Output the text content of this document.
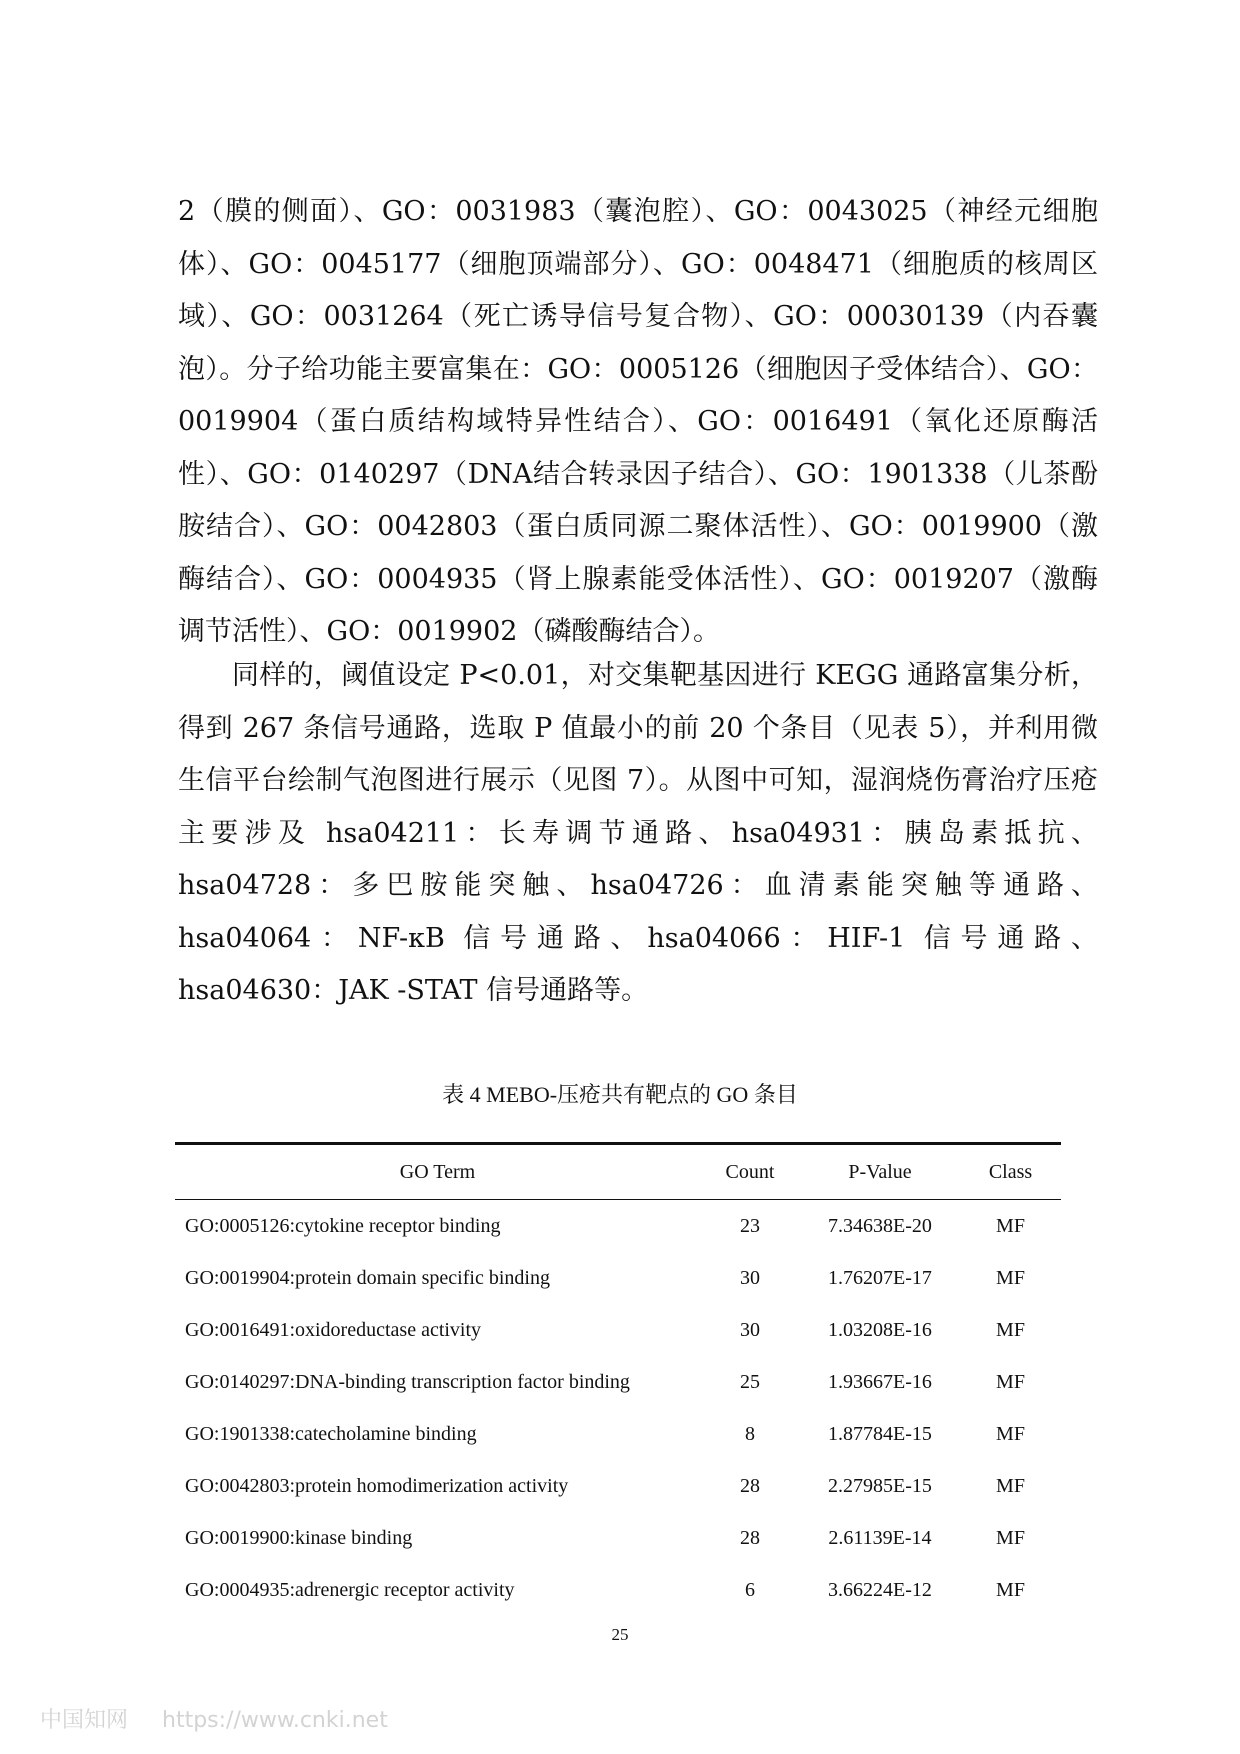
2（膜的侧面）、GO：0031983（囊泡腔）、GO：0043025（神经元细胞体）、GO：0045177（细胞顶端部分）、GO：0048471（细胞质的核周区域）、GO：0031264（死亡诱导信号复合物）、GO：00030139（内吞囊泡）。分子给功能主要富集在：GO：0005126（细胞因子受体结合）、GO：0019904（蛋白质结构域特异性结合）、GO：0016491（氧化还原酶活性）、GO：0140297（DNA结合转录因子结合）、GO：1901338（儿茶酚胺结合）、GO：0042803（蛋白质同源二聚体活性）、GO：0019900（激酶结合）、GO：0004935（肾上腺素能受体活性）、GO：0019207（激酶调节活性）、GO：0019902（磷酸酶结合）。

同样的，阈值设定 P<0.01，对交集靶基因进行 KEGG 通路富集分析，得到 267 条信号通路，选取 P 值最小的前 20 个条目（见表 5），并利用微生信平台绘制气泡图进行展示（见图 7）。从图中可知，湿润烧伤膏治疗压疮主要涉及 hsa04211：长寿调节通路、hsa04931：胰岛素抵抗、hsa04728：多巴胺能突触、hsa04726：血清素能突触等通路、hsa04064：NF-κB 信号通路、hsa04066：HIF-1 信号通路、hsa04630：JAK -STAT 信号通路等。

表 4 MEBO-压疮共有靶点的 GO 条目
GO Term	Count	P-Value	Class
GO:0005126:cytokine receptor binding	23	7.34638E-20	MF
GO:0019904:protein domain specific binding	30	1.76207E-17	MF
GO:0016491:oxidoreductase activity	30	1.03208E-16	MF
GO:0140297:DNA-binding transcription factor binding	25	1.93667E-16	MF
GO:1901338:catecholamine binding	8	1.87784E-15	MF
GO:0042803:protein homodimerization activity	28	2.27985E-15	MF
GO:0019900:kinase binding	28	2.61139E-14	MF
GO:0004935:adrenergic receptor activity	6	3.66224E-12	MF
25
中国知网 https://www.cnki.net
